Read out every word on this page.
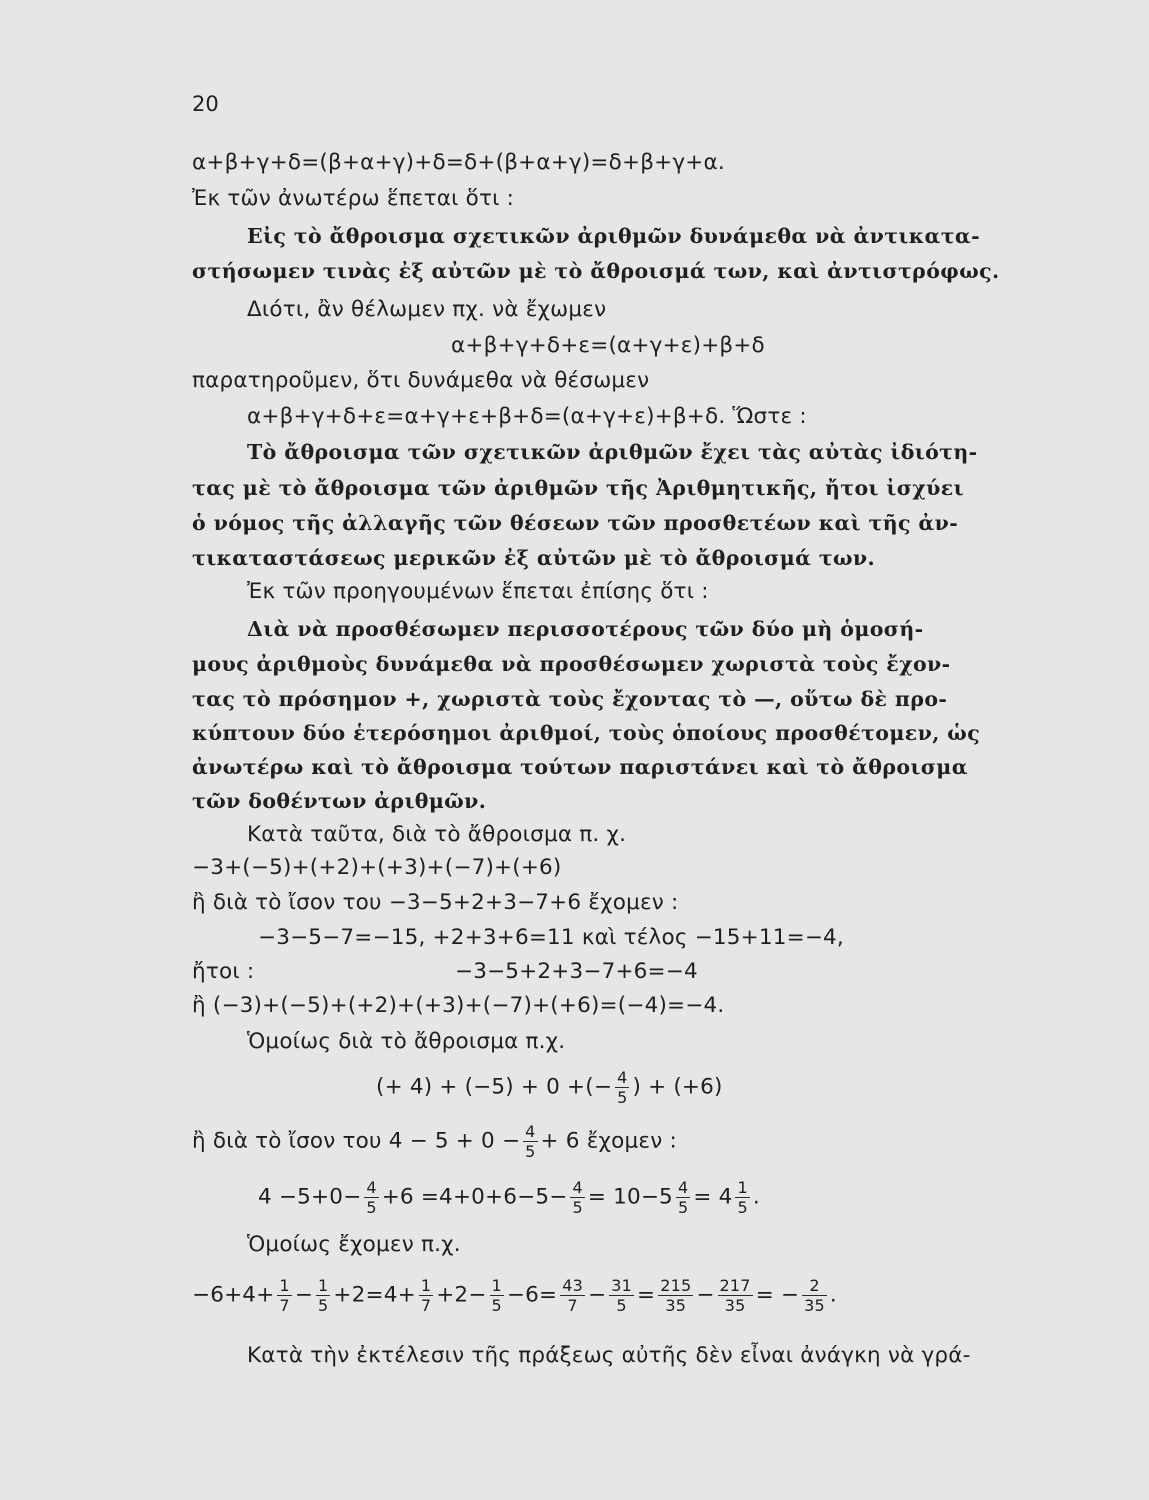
20
α+β+γ+δ=(β+α+γ)+δ=δ+(β+α+γ)=δ+β+γ+α.
Ἐκ τῶν ἀνωτέρω ἕπεται ὅτι :
Εἰς τὸ ἄθροισμα σχετικῶν ἀριθμῶν δυνάμεθα νὰ ἀντικατα-
στήσωμεν τινὰς ἐξ αὐτῶν μὲ τὸ ἄθροισμά των, καὶ ἀντιστρόφως.
Διότι, ἂν θέλωμεν πχ. νὰ ἔχωμεν
α+β+γ+δ+ε=(α+γ+ε)+β+δ
παρατηροῦμεν, ὅτι δυνάμεθα νὰ θέσωμεν
α+β+γ+δ+ε=α+γ+ε+β+δ=(α+γ+ε)+β+δ. Ὥστε :
Τὸ ἄθροισμα τῶν σχετικῶν ἀριθμῶν ἔχει τὰς αὐτὰς ἰδιότη-
τας μὲ τὸ ἄθροισμα τῶν ἀριθμῶν τῆς Ἀριθμητικῆς, ἤτοι ἰσχύει
ὁ νόμος τῆς ἀλλαγῆς τῶν θέσεων τῶν προσθετέων καὶ τῆς ἀν-
τικαταστάσεως μερικῶν ἐξ αὐτῶν μὲ τὸ ἄθροισμά των.
Ἐκ τῶν προηγουμένων ἕπεται ἐπίσης ὅτι :
Διὰ νὰ προσθέσωμεν περισσοτέρους τῶν δύο μὴ ὁμοσή-
μους ἀριθμοὺς δυνάμεθα νὰ προσθέσωμεν χωριστὰ τοὺς ἔχον-
τας τὸ πρόσημον +, χωριστὰ τοὺς ἔχοντας τὸ —, οὕτω δὲ προ-
κύπτουν δύο ἑτερόσημοι ἀριθμοί, τοὺς ὁποίους προσθέτομεν, ὡς
ἀνωτέρω καὶ τὸ ἄθροισμα τούτων παριστάνει καὶ τὸ ἄθροισμα
τῶν δοθέντων ἀριθμῶν.
Κατὰ ταῦτα, διὰ τὸ ἄθροισμα π. χ.
−3+(−5)+(+2)+(+3)+(−7)+(+6)
ἢ διὰ τὸ ἴσον του −3−5+2+3−7+6 ἔχομεν :
−3−5−7=−15, +2+3+6=11 καὶ τέλος −15+11=−4,
ἤτοι :	−3−5+2+3−7+6=−4
ἢ (−3)+(−5)+(+2)+(+3)+(−7)+(+6)=(−4)=−4.
Ὁμοίως διὰ τὸ ἄθροισμα π.χ.
(+ 4) + (−5) + 0 +(− $\frac{4}{5}$ ) + (+6)
ἢ διὰ τὸ ἴσον του $4 - 5 + 0 - \frac{4}{5} + 6$ ἔχομεν :
$4 -5+0- \frac{4}{5} +6 =4+0+6-5- \frac{4}{5} = 10-5 \frac{4}{5} = 4 \frac{1}{5}$ .
Ὁμοίως ἔχομεν π.χ.
$-6+4+ \frac{1}{7} - \frac{1}{5} +2=4+ \frac{1}{7} +2- \frac{1}{5} -6= \frac{43}{7} - \frac{31}{5} = \frac{215}{35} - \frac{217}{35}$ = − $\frac{2}{35}$ .
Κατὰ τὴν ἐκτέλεσιν τῆς πράξεως αὐτῆς δὲν εἶναι ἀνάγκη νὰ γρά-
